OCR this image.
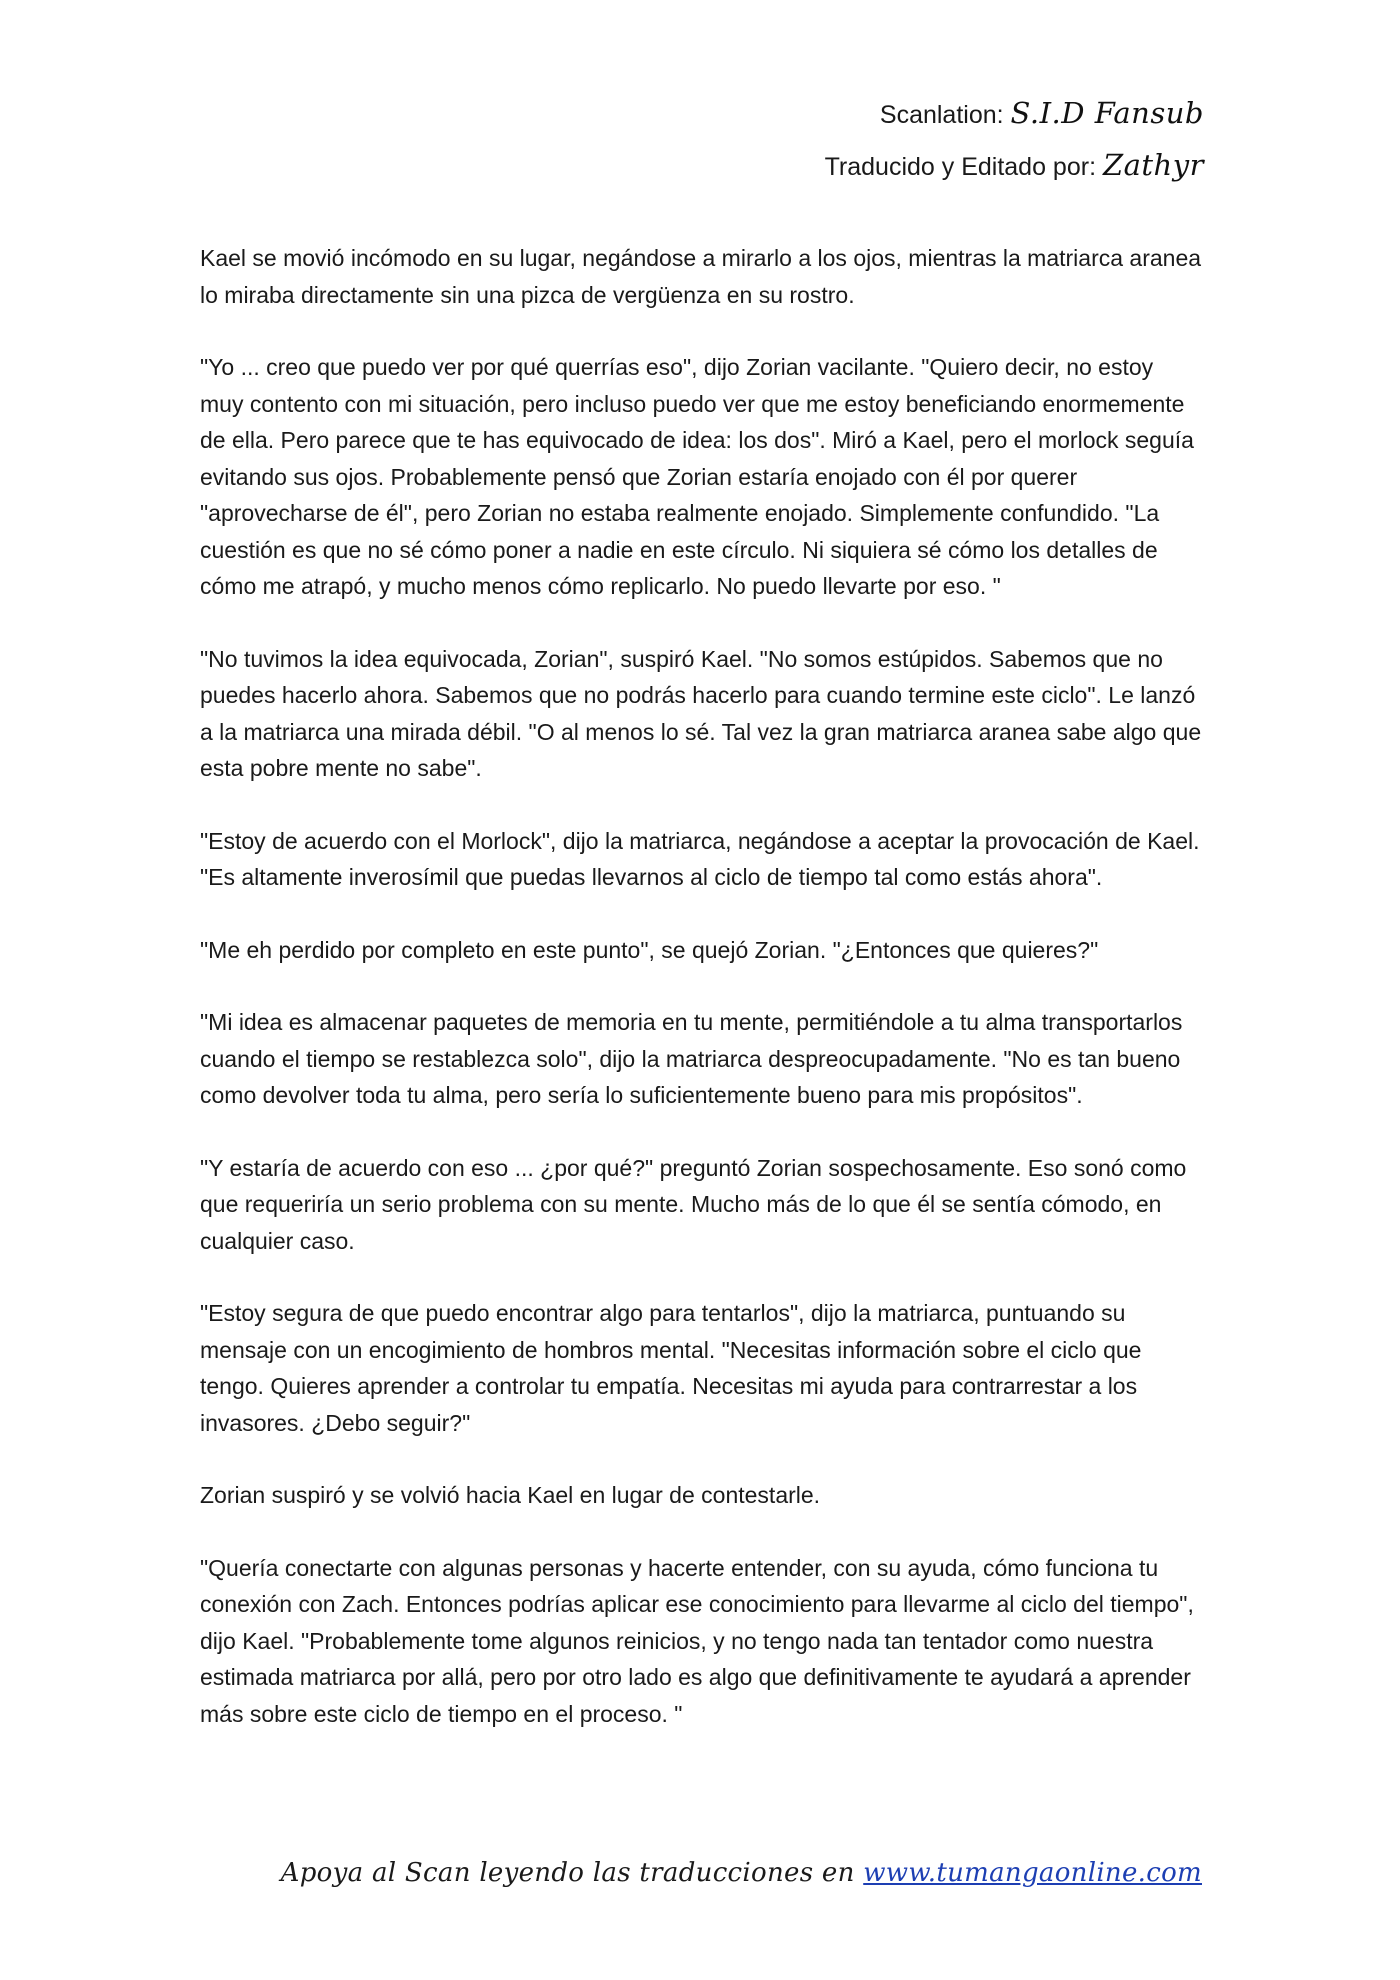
Scanlation: S.I.D Fansub
Traducido y Editado por: Zathyr

Kael se movió incómodo en su lugar, negándose a mirarlo a los ojos, mientras la matriarca aranea lo miraba directamente sin una pizca de vergüenza en su rostro.

"Yo ... creo que puedo ver por qué querrías eso", dijo Zorian vacilante. "Quiero decir, no estoy muy contento con mi situación, pero incluso puedo ver que me estoy beneficiando enormemente de ella. Pero parece que te has equivocado de idea: los dos". Miró a Kael, pero el morlock seguía evitando sus ojos. Probablemente pensó que Zorian estaría enojado con él por querer "aprovecharse de él", pero Zorian no estaba realmente enojado. Simplemente confundido. "La cuestión es que no sé cómo poner a nadie en este círculo. Ni siquiera sé cómo los detalles de cómo me atrapó, y mucho menos cómo replicarlo. No puedo llevarte por eso. "

"No tuvimos la idea equivocada, Zorian", suspiró Kael. "No somos estúpidos. Sabemos que no puedes hacerlo ahora. Sabemos que no podrás hacerlo para cuando termine este ciclo". Le lanzó a la matriarca una mirada débil. "O al menos lo sé. Tal vez la gran matriarca aranea sabe algo que esta pobre mente no sabe".

"Estoy de acuerdo con el Morlock", dijo la matriarca, negándose a aceptar la provocación de Kael. "Es altamente inverosímil que puedas llevarnos al ciclo de tiempo tal como estás ahora".

"Me eh perdido por completo en este punto", se quejó Zorian. "¿Entonces que quieres?"

"Mi idea es almacenar paquetes de memoria en tu mente, permitiéndole a tu alma transportarlos cuando el tiempo se restablezca solo", dijo la matriarca despreocupadamente. "No es tan bueno como devolver toda tu alma, pero sería lo suficientemente bueno para mis propósitos".

"Y estaría de acuerdo con eso ... ¿por qué?" preguntó Zorian sospechosamente. Eso sonó como que requeriría un serio problema con su mente. Mucho más de lo que él se sentía cómodo, en cualquier caso.

"Estoy segura de que puedo encontrar algo para tentarlos", dijo la matriarca, puntuando su mensaje con un encogimiento de hombros mental. "Necesitas información sobre el ciclo que tengo. Quieres aprender a controlar tu empatía. Necesitas mi ayuda para contrarrestar a los invasores. ¿Debo seguir?"

Zorian suspiró y se volvió hacia Kael en lugar de contestarle.

"Quería conectarte con algunas personas y hacerte entender, con su ayuda, cómo funciona tu conexión con Zach. Entonces podrías aplicar ese conocimiento para llevarme al ciclo del tiempo", dijo Kael. "Probablemente tome algunos reinicios, y no tengo nada tan tentador como nuestra estimada matriarca por allá, pero por otro lado es algo que definitivamente te ayudará a aprender más sobre este ciclo de tiempo en el proceso. "

Apoya al Scan leyendo las traducciones en www.tumangaonline.com
